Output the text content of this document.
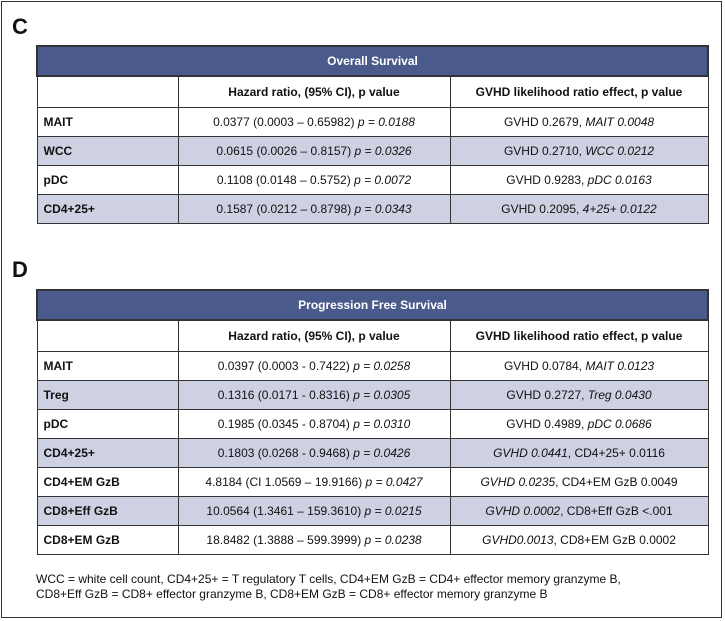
C
Overall Survival		
	Hazard ratio, (95% CI), p value	GVHD likelihood ratio effect, p value
MAIT	0.0377 (0.0003 – 0.65982) p = 0.0188	GVHD 0.2679, MAIT 0.0048
WCC	0.0615 (0.0026 – 0.8157) p = 0.0326	GVHD 0.2710, WCC 0.0212
pDC	0.1108 (0.0148 – 0.5752) p = 0.0072	GVHD 0.9283, pDC 0.0163
CD4+25+	0.1587 (0.0212 – 0.8798) p = 0.0343	GVHD 0.2095, 4+25+ 0.0122
D
Progression Free Survival		
	Hazard ratio, (95% CI), p value	GVHD likelihood ratio effect, p value
MAIT	0.0397 (0.0003 - 0.7422) p = 0.0258	GVHD 0.0784, MAIT 0.0123
Treg	0.1316 (0.0171 - 0.8316) p = 0.0305	GVHD 0.2727, Treg 0.0430
pDC	0.1985 (0.0345 - 0.8704) p = 0.0310	GVHD 0.4989, pDC 0.0686
CD4+25+	0.1803 (0.0268 - 0.9468) p = 0.0426	GVHD 0.0441, CD4+25+ 0.0116
CD4+EM GzB	4.8184 (CI 1.0569 – 19.9166) p = 0.0427	GVHD 0.0235, CD4+EM GzB 0.0049
CD8+Eff GzB	10.0564 (1.3461 – 159.3610) p = 0.0215	GVHD 0.0002, CD8+Eff GzB <.001
CD8+EM GzB	18.8482 (1.3888 – 599.3999) p = 0.0238	GVHD0.0013, CD8+EM GzB 0.0002
WCC = white cell count, CD4+25+ = T regulatory T cells, CD4+EM GzB = CD4+ effector memory granzyme B,
CD8+Eff GzB = CD8+ effector granzyme B, CD8+EM GzB = CD8+ effector memory granzyme B
